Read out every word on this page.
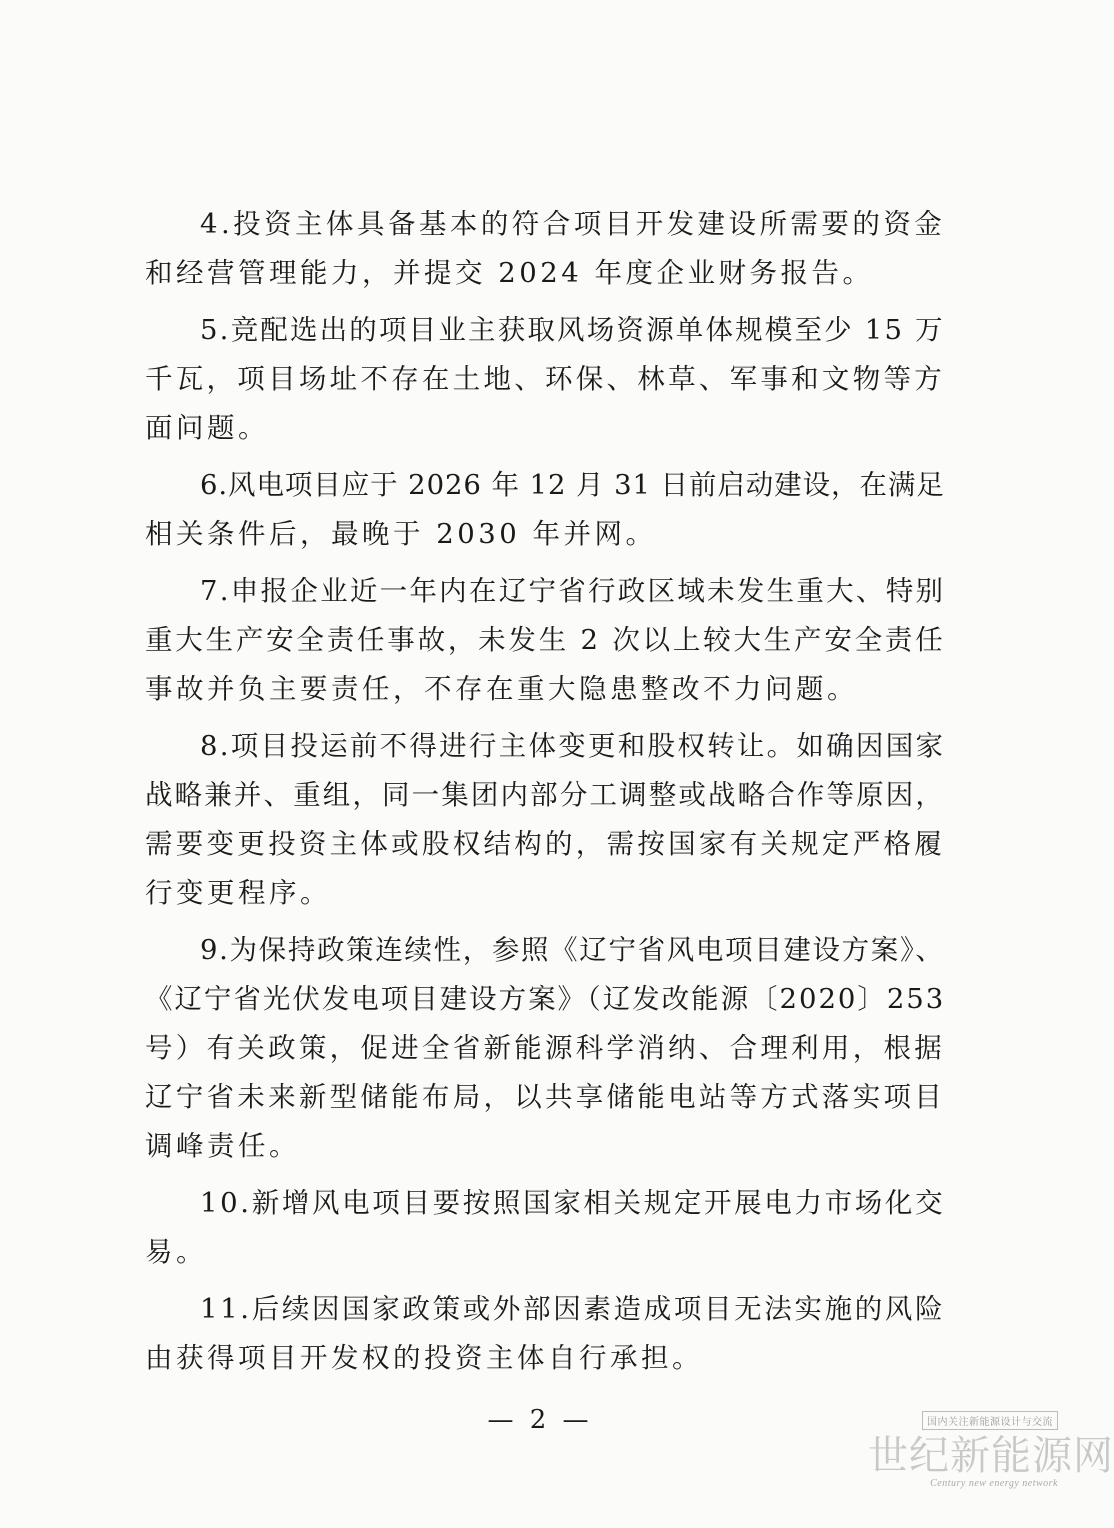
4.投资主体具备基本的符合项目开发建设所需要的资金
和经营管理能力，并提交 2024 年度企业财务报告。
5.竞配选出的项目业主获取风场资源单体规模至少 15 万
千瓦，项目场址不存在土地、环保、林草、军事和文物等方
面问题。
6.风电项目应于 2026 年 12 月 31 日前启动建设，在满足
相关条件后，最晚于 2030 年并网。
7.申报企业近一年内在辽宁省行政区域未发生重大、特别
重大生产安全责任事故，未发生 2 次以上较大生产安全责任
事故并负主要责任，不存在重大隐患整改不力问题。
8.项目投运前不得进行主体变更和股权转让。如确因国家
战略兼并、重组，同一集团内部分工调整或战略合作等原因，
需要变更投资主体或股权结构的，需按国家有关规定严格履
行变更程序。
9.为保持政策连续性，参照《辽宁省风电项目建设方案》、
《辽宁省光伏发电项目建设方案》（辽发改能源〔2020〕253
号）有关政策，促进全省新能源科学消纳、合理利用，根据
辽宁省未来新型储能布局，以共享储能电站等方式落实项目
调峰责任。
10.新增风电项目要按照国家相关规定开展电力市场化交
易。
11.后续因国家政策或外部因素造成项目无法实施的风险
由获得项目开发权的投资主体自行承担。
— 2 —	国内关注新能源设计与交流
世纪新能源网
Century new energy network
